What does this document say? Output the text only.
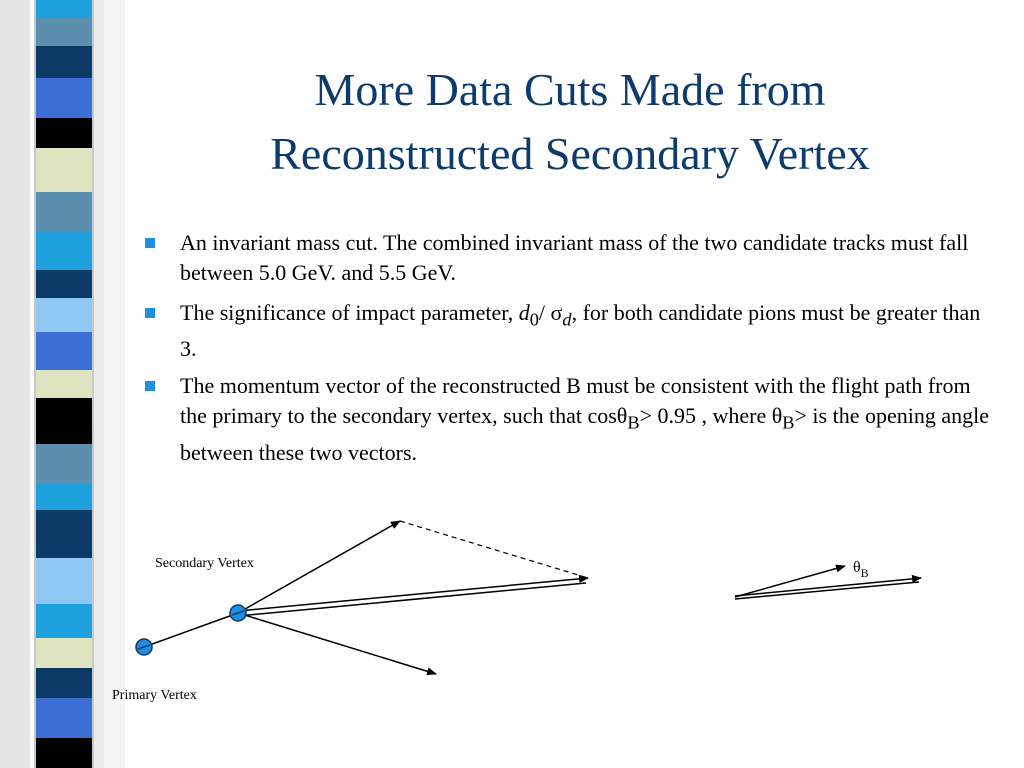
More Data Cuts Made from
Reconstructed Secondary Vertex
An invariant mass cut. The combined invariant mass of the two candidate tracks must fall between 5.0 GeV. and 5.5 GeV.
The significance of impact parameter, $d_0/$ $\sigma_d$, for both candidate pions must be greater than 3.
The momentum vector of the reconstructed B must be consistent with the flight path from the primary to the secondary vertex, such that cosθ$_B$> 0.95 , where $\theta_B>$ is the opening angle between these two vectors.
Secondary Vertex
Primary Vertex
$\theta_B$
